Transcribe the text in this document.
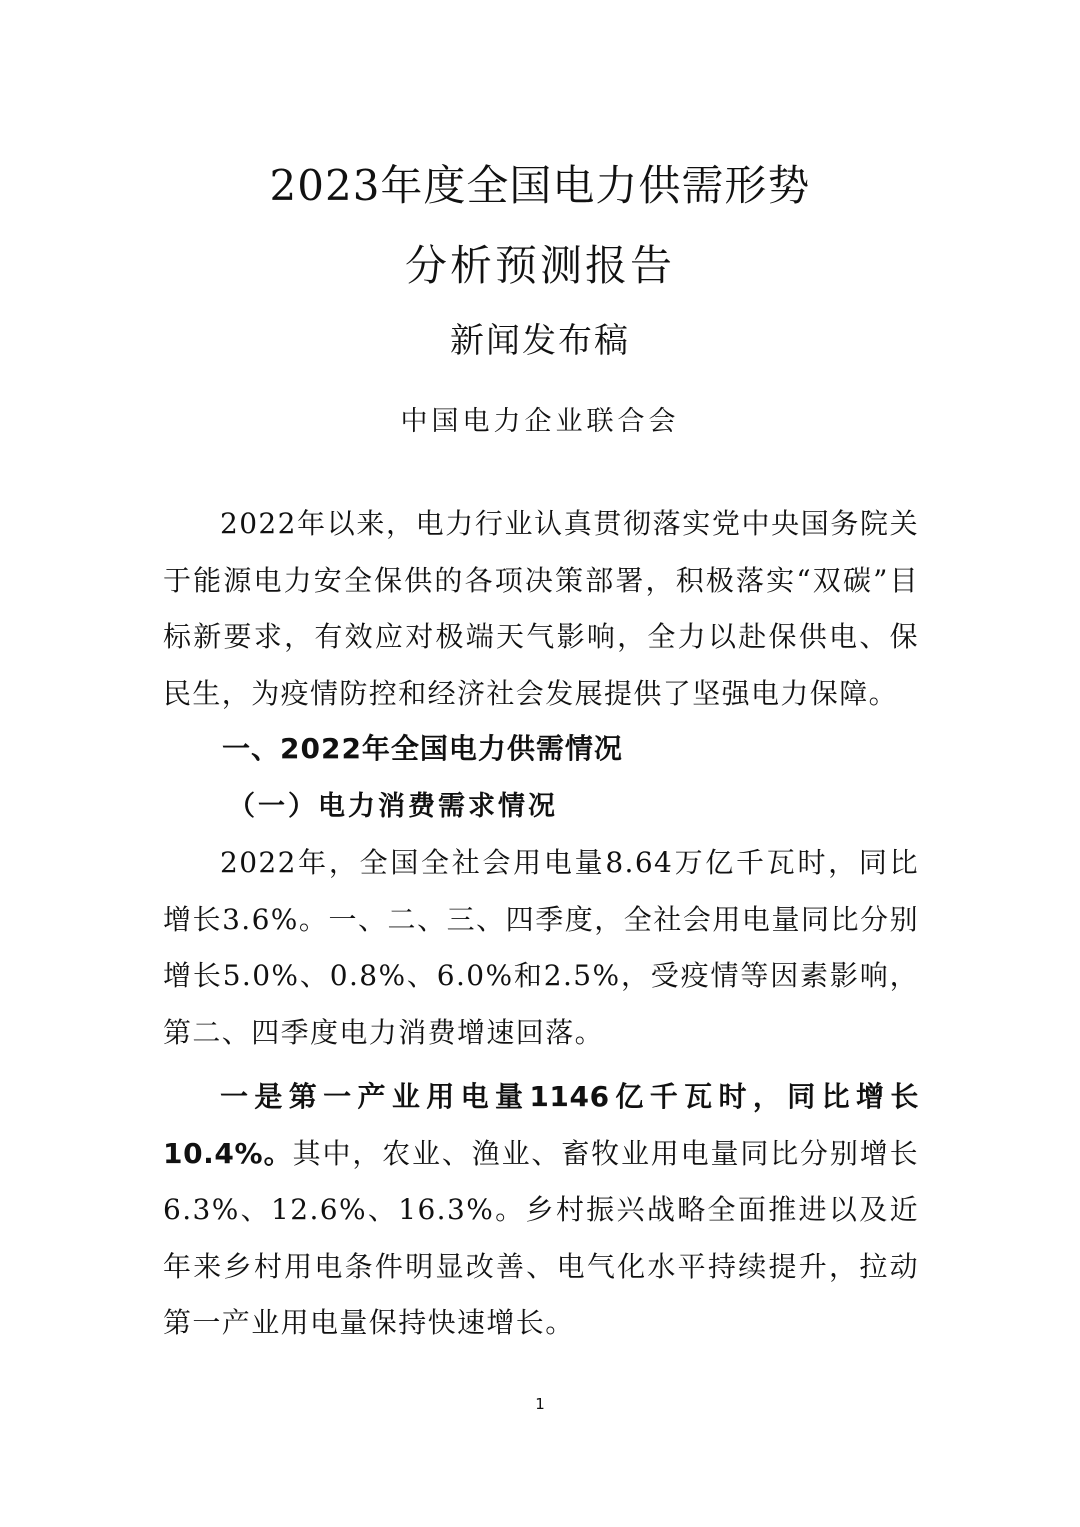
2023年度全国电力供需形势
分析预测报告
新闻发布稿
中国电力企业联合会

2022年以来，电力行业认真贯彻落实党中央国务院关于能源电力安全保供的各项决策部署，积极落实“双碳”目标新要求，有效应对极端天气影响，全力以赴保供电、保民生，为疫情防控和经济社会发展提供了坚强电力保障。

一、2022年全国电力供需情况
（一）电力消费需求情况

2022年，全国全社会用电量8.64万亿千瓦时，同比增长3.6%。一、二、三、四季度，全社会用电量同比分别增长5.0%、0.8%、6.0%和2.5%，受疫情等因素影响，第二、四季度电力消费增速回落。

一是第一产业用电量1146亿千瓦时，同比增长10.4%。其中，农业、渔业、畜牧业用电量同比分别增长6.3%、12.6%、16.3%。乡村振兴战略全面推进以及近年来乡村用电条件明显改善、电气化水平持续提升，拉动第一产业用电量保持快速增长。

1
